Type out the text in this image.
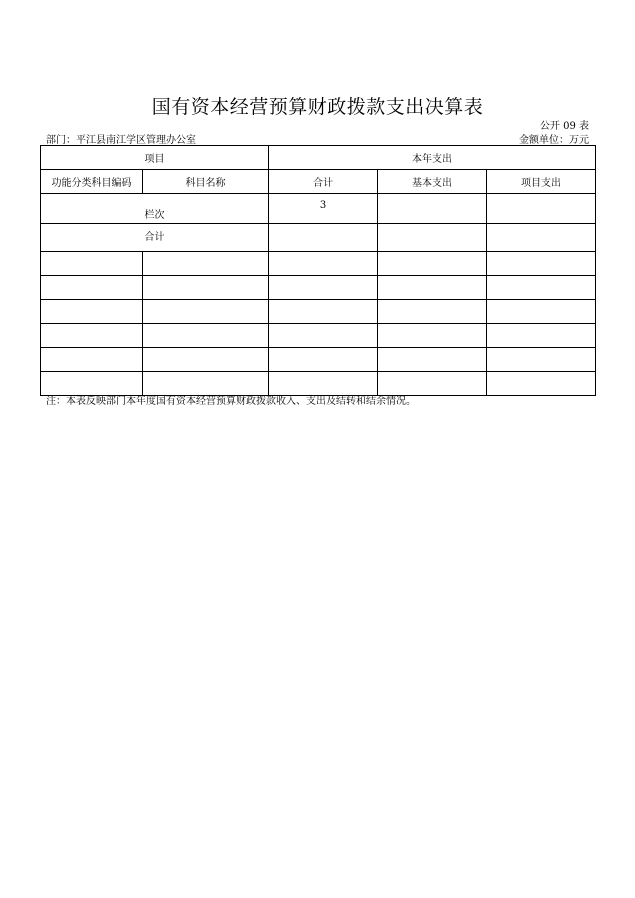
国有资本经营预算财政拨款支出决算表
公开 09 表
部门：平江县南江学区管理办公室	金额单位：万元
项目		本年支出		
功能分类科目编码	科目名称	合计	基本支出	项目支出
栏次		3		
合计				

注：本表反映部门本年度国有资本经营预算财政拨款收入、支出及结转和结余情况。
